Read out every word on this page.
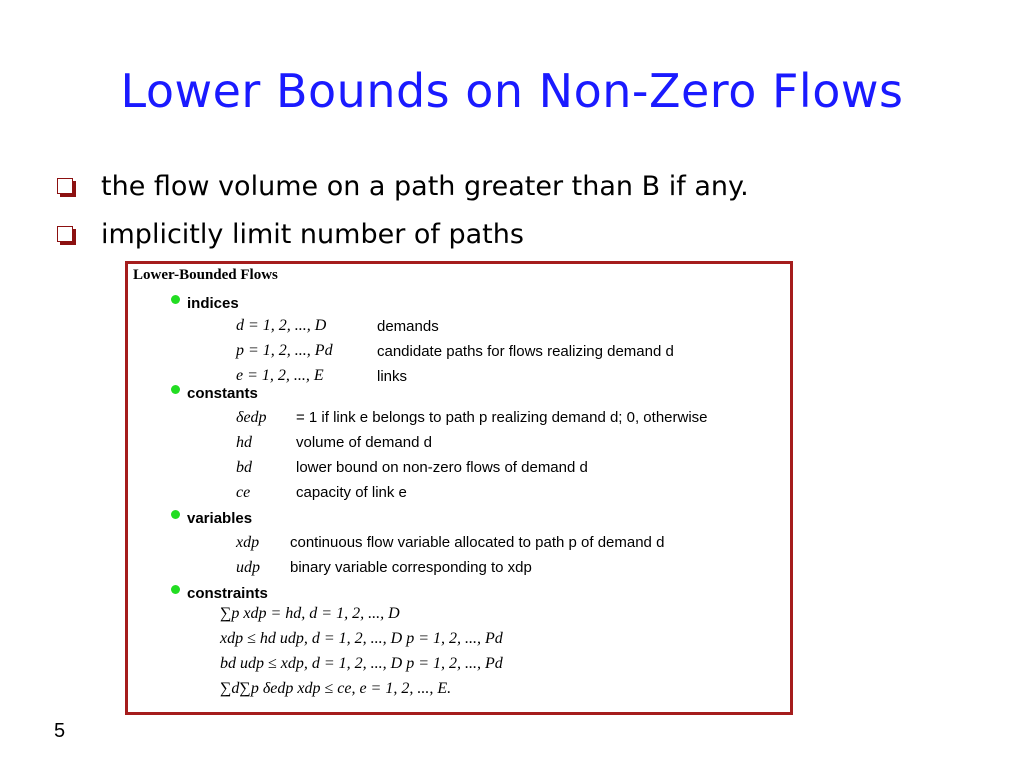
Lower Bounds on Non-Zero Flows
the flow volume on a path greater than B if any.
implicitly limit number of paths
Lower-Bounded Flows
indices
d = 1, 2, ..., D	demands
p = 1, 2, ..., Pd	candidate paths for flows realizing demand d
e = 1, 2, ..., E	links
constants
δedp = 1 if link e belongs to path p realizing demand d; 0, otherwise
hd	volume of demand d
bd	lower bound on non-zero flows of demand d
ce	capacity of link e
variables
xdp continuous flow variable allocated to path p of demand d
udp binary variable corresponding to xdp
constraints
∑p xdp = hd, d = 1, 2, ..., D
xdp ≤ hd udp, d = 1, 2, ..., D p = 1, 2, ..., Pd
bd udp ≤ xdp, d = 1, 2, ..., D p = 1, 2, ..., Pd
∑d∑p δedp xdp ≤ ce, e = 1, 2, ..., E.
5
